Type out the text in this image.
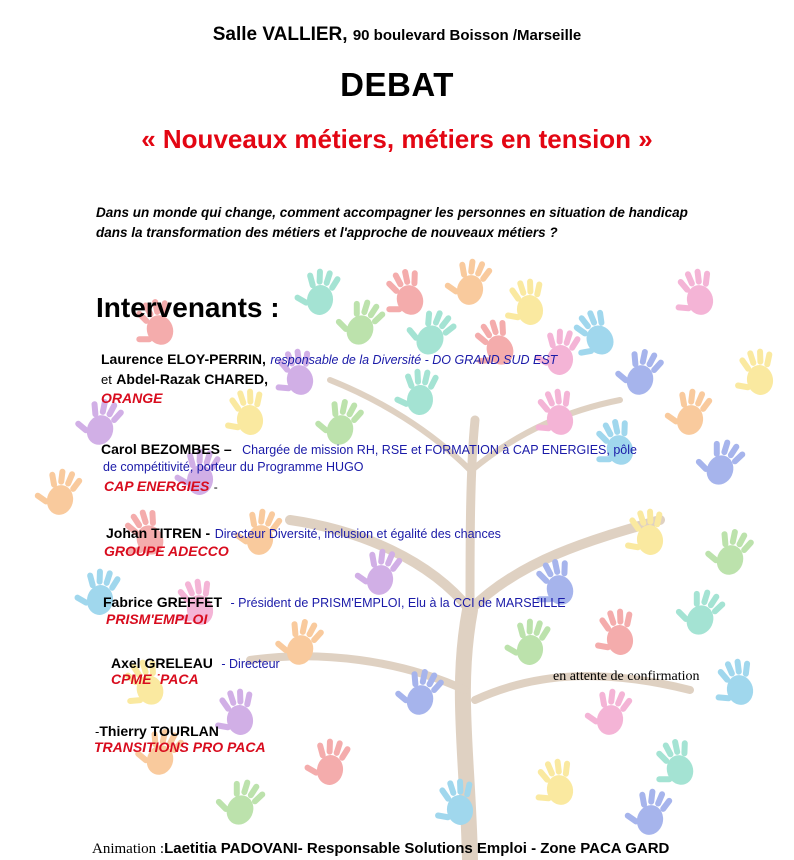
Salle VALLIER, 90 boulevard Boisson /Marseille
DEBAT
« Nouveaux métiers, métiers en tension »
Dans un monde qui change, comment accompagner les personnes en situation de handicap dans la transformation des métiers et l'approche de nouveaux métiers ?
Intervenants :
Laurence ELOY-PERRIN, responsable de la Diversité - DO GRAND SUD EST
et Abdel-Razak CHARED,
ORANGE
Carol BEZOMBES – Chargée de mission RH, RSE et FORMATION à CAP ENERGIES, pôle
de compétitivité, porteur du Programme HUGO
CAP ENERGIES -
Johan TITREN - Directeur Diversité, inclusion et égalité des chances
GROUPE ADECCO
Fabrice GREFFET - Président de PRISM'EMPLOI, Elu à la CCI de MARSEILLE
PRISM'EMPLOI
Axel GRELEAU - Directeur
CPME ˙PACA	en attente de confirmation
-Thierry TOURLAN
TRANSITIONS PRO PACA
Animation :Laetitia PADOVANI- Responsable Solutions Emploi - Zone PACA GARD
